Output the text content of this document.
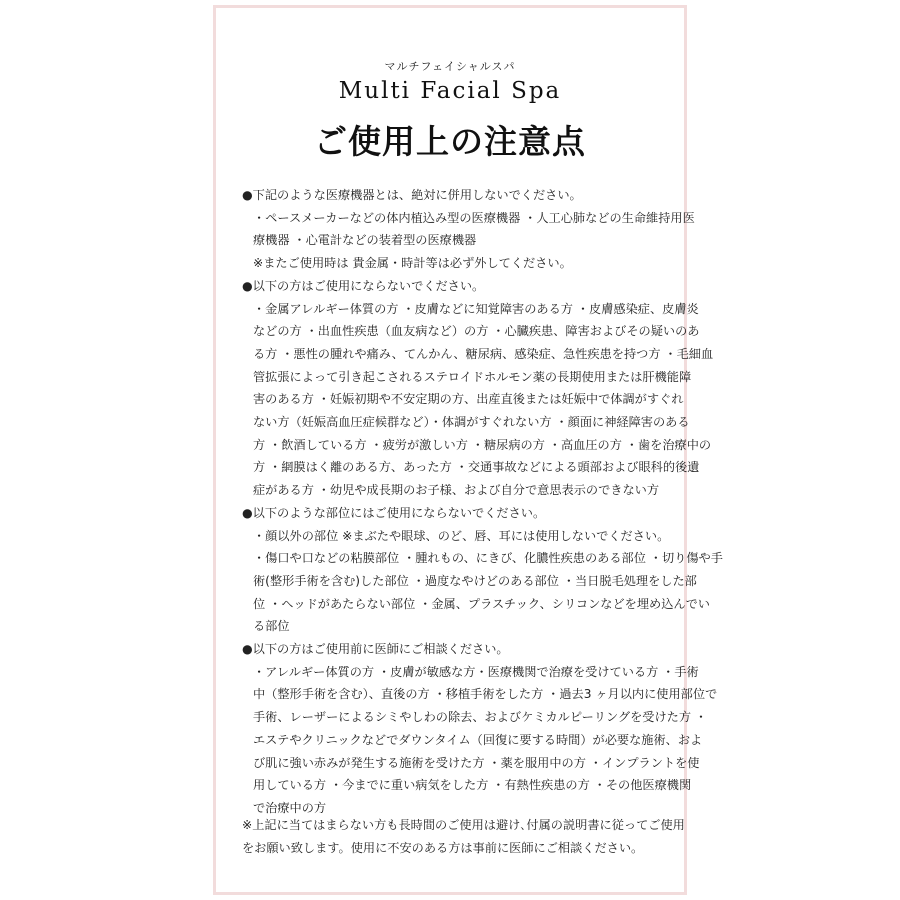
マルチフェイシャルスパ
Multi Facial Spa
ご使用上の注意点
●下記のような医療機器とは、絶対に併用しないでください。
・ペースメーカーなどの体内植込み型の医療機器 ・人工心肺などの生命維持用医
療機器 ・心電計などの装着型の医療機器
※またご使用時は 貴金属・時計等は必ず外してください。
●以下の方はご使用にならないでください。
・金属アレルギー体質の方 ・皮膚などに知覚障害のある方 ・皮膚感染症、皮膚炎
などの方 ・出血性疾患（血友病など）の方 ・心臓疾患、障害およびその疑いのあ
る方 ・悪性の腫れや痛み、てんかん、糖尿病、感染症、急性疾患を持つ方 ・毛細血
管拡張によって引き起こされるステロイドホルモン薬の長期使用または肝機能障
害のある方 ・妊娠初期や不安定期の方、出産直後または妊娠中で体調がすぐれ
ない方（妊娠高血圧症候群など）・体調がすぐれない方 ・顔面に神経障害のある
方 ・飲酒している方 ・疲労が激しい方 ・糖尿病の方 ・高血圧の方 ・歯を治療中の
方 ・網膜はく離のある方、あった方 ・交通事故などによる頭部および眼科的後遺
症がある方 ・幼児や成長期のお子様、および自分で意思表示のできない方
●以下のような部位にはご使用にならないでください。
・顔以外の部位 ※まぶたや眼球、のど、唇、耳には使用しないでください。
・傷口や口などの粘膜部位 ・腫れもの、にきび、化膿性疾患のある部位 ・切り傷や手
術(整形手術を含む)した部位 ・過度なやけどのある部位 ・当日脱毛処理をした部
位 ・ヘッドがあたらない部位 ・金属、プラスチック、シリコンなどを埋め込んでい
る部位
●以下の方はご使用前に医師にご相談ください。
・アレルギー体質の方 ・皮膚が敏感な方・医療機関で治療を受けている方 ・手術
中（整形手術を含む）、直後の方 ・移植手術をした方 ・過去3 ヶ月以内に使用部位で
手術、レーザーによるシミやしわの除去、およびケミカルピーリングを受けた方 ・
エステやクリニックなどでダウンタイム（回復に要する時間）が必要な施術、およ
び肌に強い赤みが発生する施術を受けた方 ・薬を服用中の方 ・インプラントを使
用している方 ・今までに重い病気をした方 ・有熱性疾患の方 ・その他医療機関
で治療中の方
※上記に当てはまらない方も長時間のご使用は避け､付属の説明書に従ってご使用
をお願い致します。使用に不安のある方は事前に医師にご相談ください。
